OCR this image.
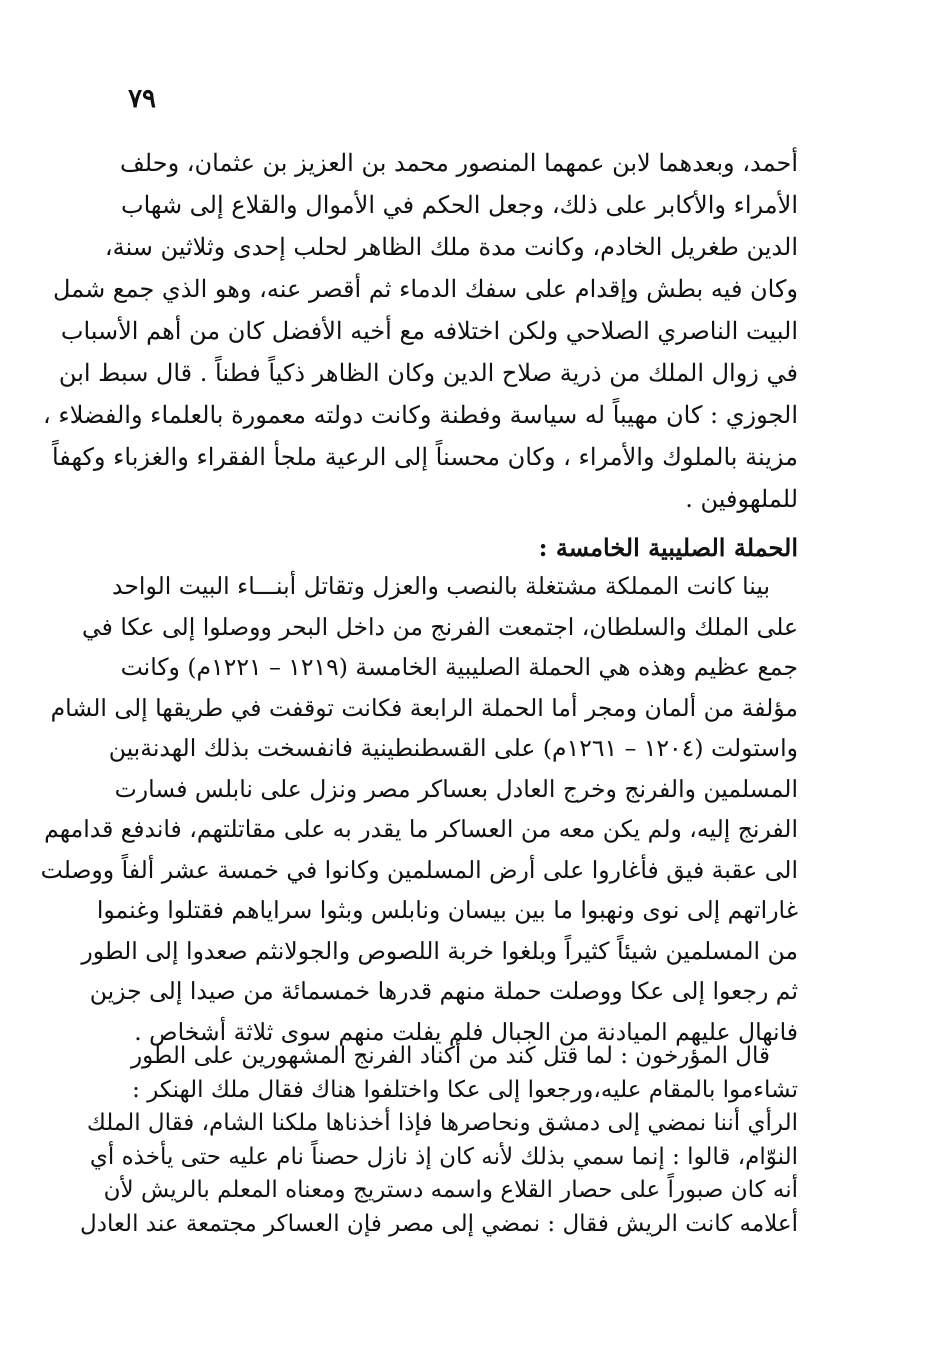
٧٩
أحمد، وبعدهما لابن عمهما المنصور محمد بن العزيز بن عثمان، وحلف
الأمراء والأكابر على ذلك، وجعل الحكم في الأموال والقلاع إلى شهاب
الدين طغريل الخادم، وكانت مدة ملك الظاهر لحلب إحدى وثلاثين سنة،
وكان فيه بطش وإقدام على سفك الدماء ثم أقصر عنه، وهو الذي جمع شمل
البيت الناصري الصلاحي ولكن اختلافه مع أخيه الأفضل كان من أهم الأسباب
في زوال الملك من ذرية صلاح الدين وكان الظاهر ذكياً فطناً . قال سبط ابن
الجوزي : كان مهيباً له سياسة وفطنة وكانت دولته معمورة بالعلماء والفضلاء ،
مزينة بالملوك والأمراء ، وكان محسناً إلى الرعية ملجأ الفقراء والغزباء وكهفاً
للملهوفين .
الحملة الصليبية الخامسة :
بينا كانت المملكة مشتغلة بالنصب والعزل وتقاتل أبنـــاء البيت الواحد
على الملك والسلطان، اجتمعت الفرنج من داخل البحر ووصلوا إلى عكا في
جمع عظيم وهذه هي الحملة الصليبية الخامسة (١٢١٩ – ١٢٢١م) وكانت
مؤلفة من ألمان ومجر أما الحملة الرابعة فكانت توقفت في طريقها إلى الشام
واستولت (١٢٠٤ – ١٢٦١م) على القسطنطينية فانفسخت بذلك الهدنةبين
المسلمين والفرنج وخرج العادل بعساكر مصر ونزل على نابلس فسارت
الفرنج إليه، ولم يكن معه من العساكر ما يقدر به على مقاتلتهم، فاندفع قدامهم
الى عقبة فيق فأغاروا على أرض المسلمين وكانوا في خمسة عشر ألفاً ووصلت
غاراتهم إلى نوى ونهبوا ما بين بيسان ونابلس وبثوا سراياهم فقتلوا وغنموا
من المسلمين شيئاً كثيراً وبلغوا خربة اللصوص والجولانثم صعدوا إلى الطور
ثم رجعوا إلى عكا ووصلت حملة منهم قدرها خمسمائة من صيدا إلى جزين
فانهال عليهم الميادنة من الجبال فلم يفلت منهم سوى ثلاثة أشخاص .
قال المؤرخون : لما قتل كند من أكناد الفرنج المشهورين على الطور
تشاءموا بالمقام عليه،ورجعوا إلى عكا واختلفوا هناك فقال ملك الهنكر :
الرأي أننا نمضي إلى دمشق ونحاصرها فإذا أخذناها ملكنا الشام، فقال الملك
النوّام، قالوا : إنما سمي بذلك لأنه كان إذ نازل حصناً نام عليه حتى يأخذه أي
أنه كان صبوراً على حصار القلاع واسمه دستريج ومعناه المعلم بالريش لأن
أعلامه كانت الريش فقال : نمضي إلى مصر فإن العساكر مجتمعة عند العادل
